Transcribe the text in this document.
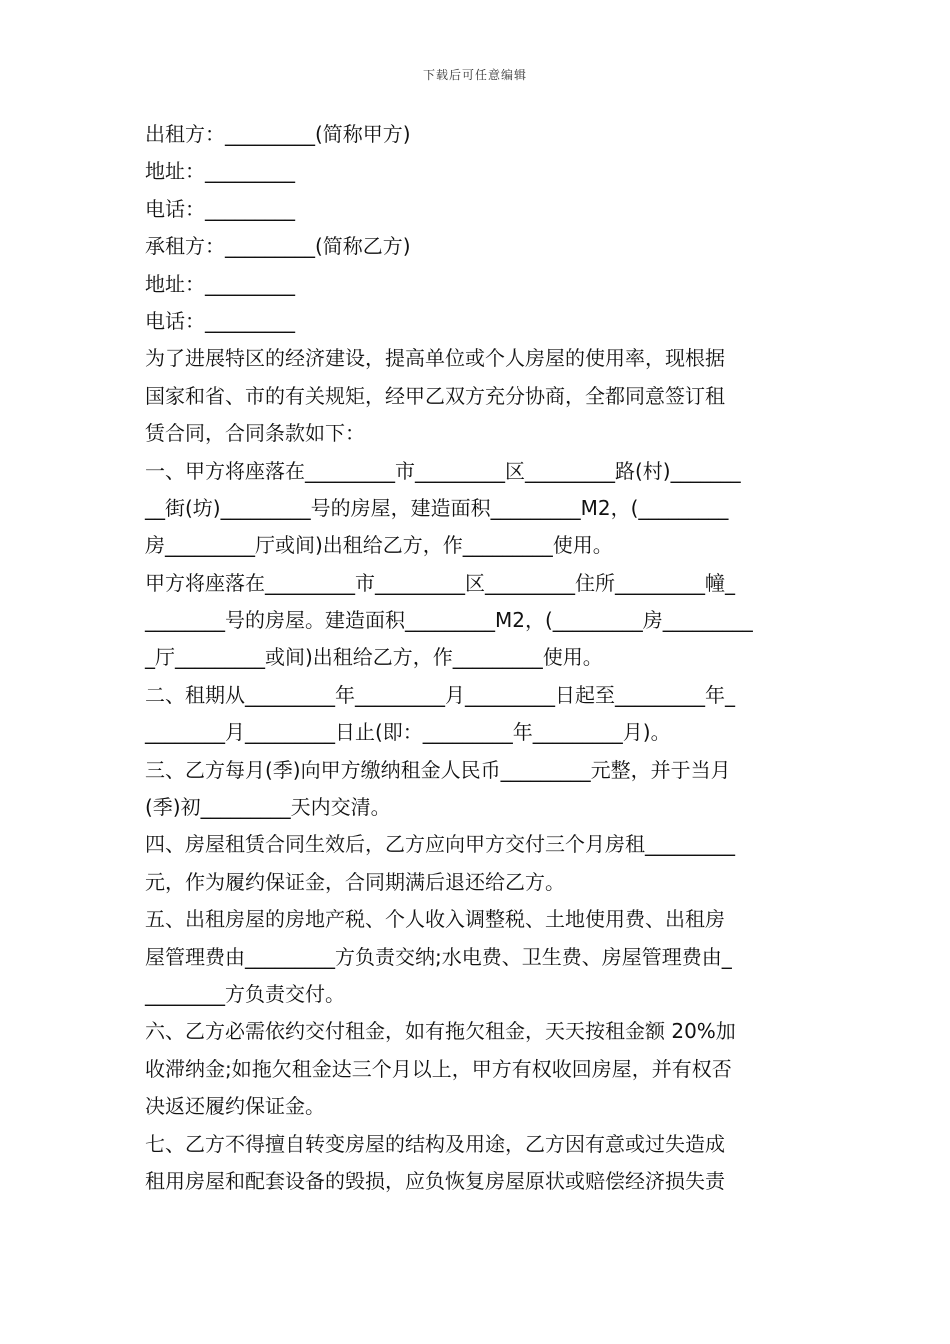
下载后可任意编辑
出租方：_________(简称甲方)
地址：_________
电话：_________
承租方：_________(简称乙方)
地址：_________
电话：_________
为了进展特区的经济建设，提高单位或个人房屋的使用率，现根据
国家和省、市的有关规矩，经甲乙双方充分协商，全都同意签订租
赁合同，合同条款如下：
一、甲方将座落在_________市_________区_________路(村)_______
__街(坊)_________号的房屋，建造面积_________M2，(_________
房_________厅或间)出租给乙方，作_________使用。
甲方将座落在_________市_________区_________住所_________幢_
________号的房屋。建造面积_________M2，(_________房_________
_厅_________或间)出租给乙方，作_________使用。
二、租期从_________年_________月_________日起至_________年_
________月_________日止(即：_________年_________月)。
三、乙方每月(季)向甲方缴纳租金人民币_________元整，并于当月
(季)初_________天内交清。
四、房屋租赁合同生效后，乙方应向甲方交付三个月房租_________
元，作为履约保证金，合同期满后退还给乙方。
五、出租房屋的房地产税、个人收入调整税、土地使用费、出租房
屋管理费由_________方负责交纳;水电费、卫生费、房屋管理费由_
________方负责交付。
六、乙方必需依约交付租金，如有拖欠租金，天天按租金额 20%加
收滞纳金;如拖欠租金达三个月以上，甲方有权收回房屋，并有权否
决返还履约保证金。
七、乙方不得擅自转变房屋的结构及用途，乙方因有意或过失造成
租用房屋和配套设备的毁损，应负恢复房屋原状或赔偿经济损失责
